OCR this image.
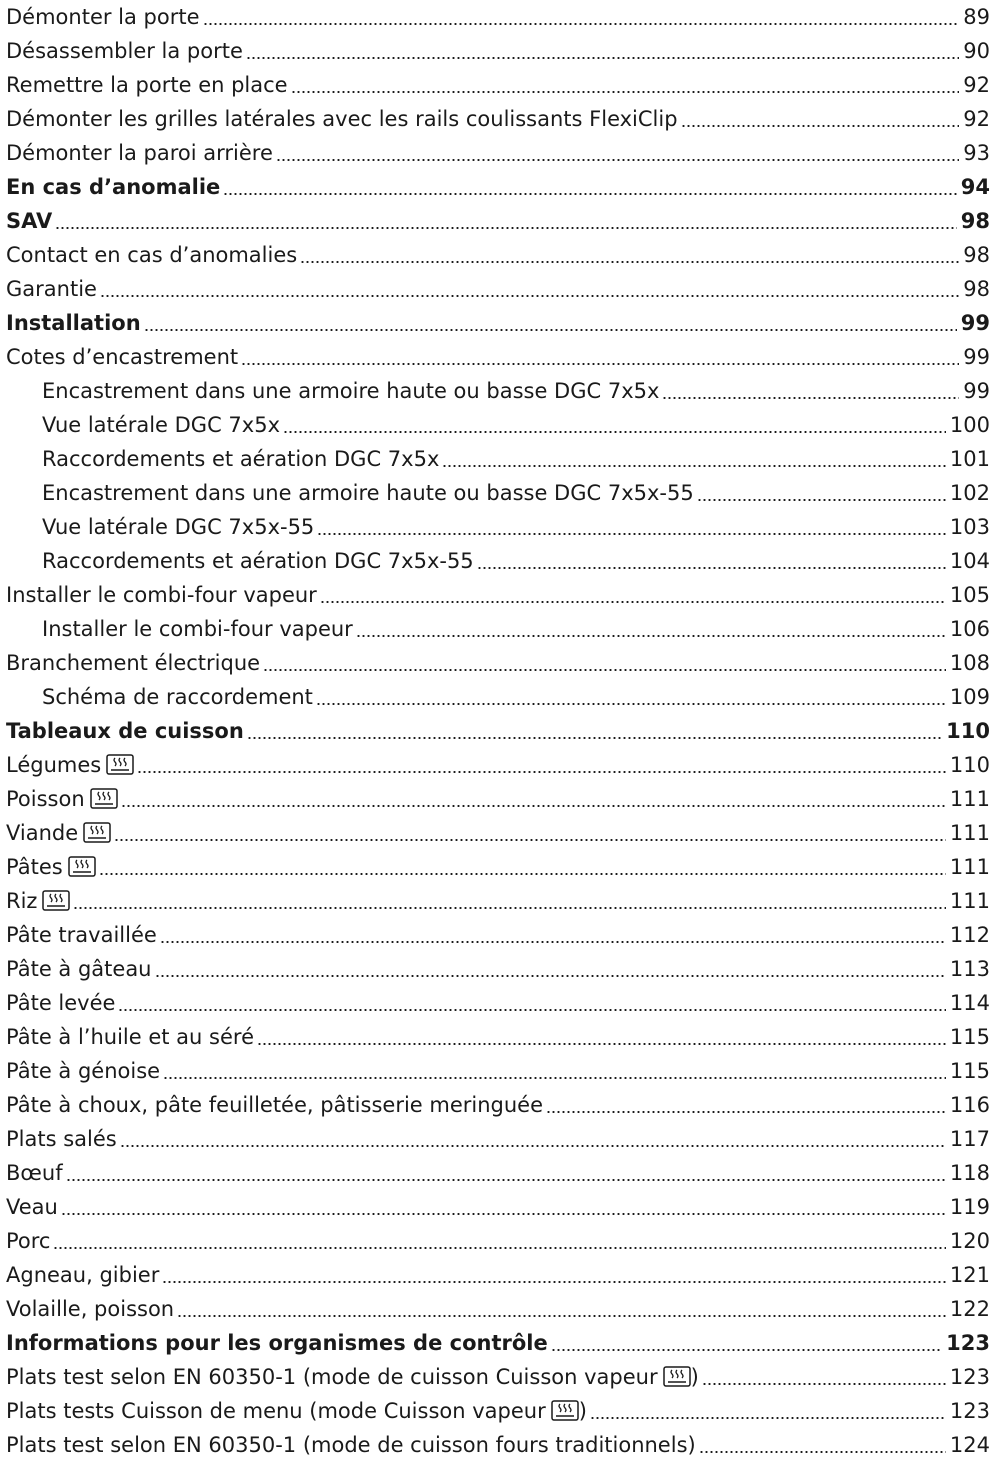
Démonter la porte	89
Désassembler la porte	90
Remettre la porte en place	92
Démonter les grilles latérales avec les rails coulissants FlexiClip	92
Démonter la paroi arrière	93
En cas d’anomalie	94
SAV	98
Contact en cas d’anomalies	98
Garantie	98
Installation	99
Cotes d’encastrement	99
Encastrement dans une armoire haute ou basse DGC 7x5x	99
Vue latérale DGC 7x5x	100
Raccordements et aération DGC 7x5x	101
Encastrement dans une armoire haute ou basse DGC 7x5x-55	102
Vue latérale DGC 7x5x-55	103
Raccordements et aération DGC 7x5x-55	104
Installer le combi-four vapeur	105
Installer le combi-four vapeur	106
Branchement électrique	108
Schéma de raccordement	109
Tableaux de cuisson	110
Légumes	110
Poisson	111
Viande	111
Pâtes	111
Riz	111
Pâte travaillée	112
Pâte à gâteau	113
Pâte levée	114
Pâte à l’huile et au séré	115
Pâte à génoise	115
Pâte à choux, pâte feuilletée, pâtisserie meringuée	116
Plats salés	117
Bœuf	118
Veau	119
Porc	120
Agneau, gibier	121
Volaille, poisson	122
Informations pour les organismes de contrôle	123
Plats test selon EN 60350-1 (mode de cuisson Cuisson vapeur )	123
Plats tests Cuisson de menu (mode Cuisson vapeur )	123
Plats test selon EN 60350-1 (mode de cuisson fours traditionnels)	124
